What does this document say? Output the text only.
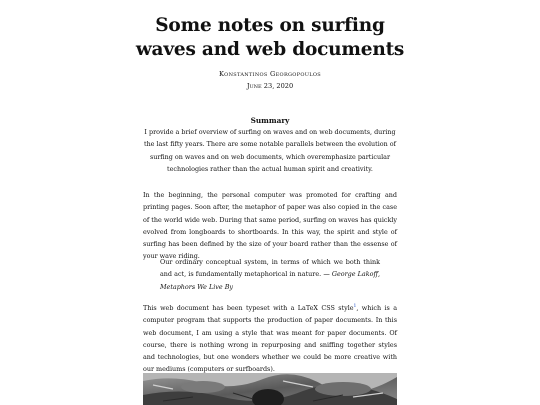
Some notes on surfing waves and web documents
Konstantinos Georgopoulos
June 23, 2020
Summary
I provide a brief overview of surfing on waves and on web documents, during the last fifty years. There are some notable parallels between the evolution of surfing on waves and on web documents, which overemphasize particular technologies rather than the actual human spirit and creativity.

In the beginning, the personal computer was promoted for crafting and printing pages. Soon after, the metaphor of paper was also copied in the case of the world wide web. During that same period, surfing on waves has quickly evolved from longboards to shortboards. In this way, the spirit and style of surfing has been defined by the size of your board rather than the essense of your wave riding.

Our ordinary conceptual system, in terms of which we both think and act, is fundamentally metaphorical in nature. — George Lakoff, Metaphors We Live By

This web document has been typeset with a LaTeX CSS style$^1$, which is a computer program that supports the production of paper documents. In this web document, I am using a style that was meant for paper documents. Of course, there is nothing wrong in repurposing and sniffing together styles and technologies, but one wonders whether we could be more creative with our mediums (computers or surfboards).
